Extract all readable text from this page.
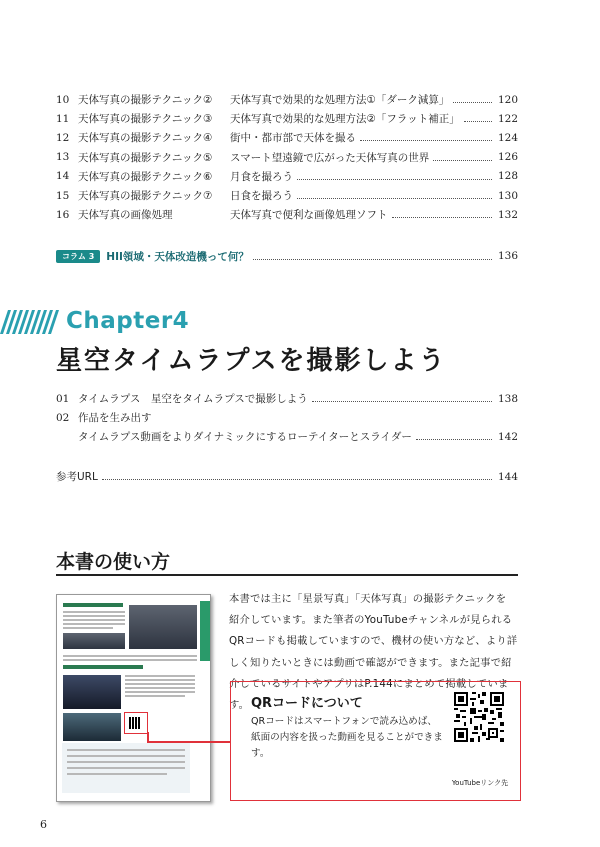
10 天体写真の撮影テクニック②	天体写真で効果的な処理方法①「ダーク減算」	120
11 天体写真の撮影テクニック③	天体写真で効果的な処理方法②「フラット補正」	122
12 天体写真の撮影テクニック④	街中・都市部で天体を撮る	124
13 天体写真の撮影テクニック⑤	スマート望遠鏡で広がった天体写真の世界	126
14 天体写真の撮影テクニック⑥	月食を撮ろう	128
15 天体写真の撮影テクニック⑦	日食を撮ろう	130
16 天体写真の画像処理	天体写真で便利な画像処理ソフト	132
コラム 3	HII領域・天体改造機って何？	136
Chapter4
星空タイムラプスを撮影しよう
01 タイムラプス　星空をタイムラプスで撮影しよう	138
02 作品を生み出す
タイムラプス動画をよりダイナミックにするローテイターとスライダー	142
参考URL	144
本書の使い方
本書では主に「星景写真」「天体写真」の撮影テクニックを
紹介しています。また筆者のYouTubeチャンネルが見られる
QRコードも掲載していますので、機材の使い方など、より詳
しく知りたいときには動画で確認ができます。また記事で紹
介しているサイトやアプリはP.144にまとめて掲載しています。 QRコードについて
QRコードはスマートフォンで読み込めば、
紙面の内容を扱った動画を見ることができます。
YouTubeリンク先
6
